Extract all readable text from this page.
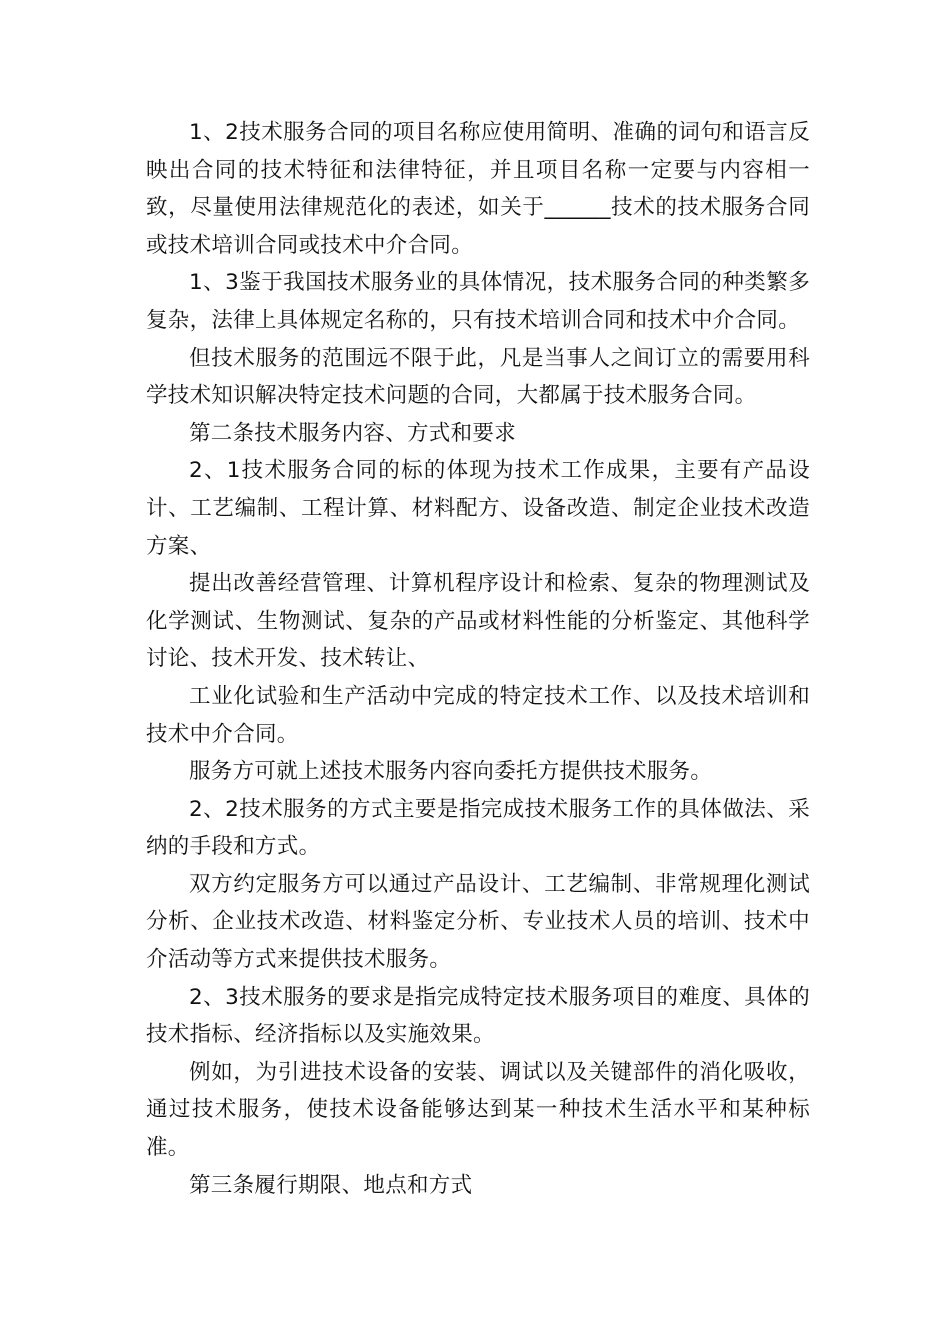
1、2技术服务合同的项目名称应使用简明、准确的词句和语言反映出合同的技术特征和法律特征，并且项目名称一定要与内容相一致，尽量使用法律规范化的表述，如关于______技术的技术服务合同或技术培训合同或技术中介合同。

1、3鉴于我国技术服务业的具体情况，技术服务合同的种类繁多复杂，法律上具体规定名称的，只有技术培训合同和技术中介合同。

但技术服务的范围远不限于此，凡是当事人之间订立的需要用科学技术知识解决特定技术问题的合同，大都属于技术服务合同。

第二条技术服务内容、方式和要求

2、1技术服务合同的标的体现为技术工作成果，主要有产品设计、工艺编制、工程计算、材料配方、设备改造、制定企业技术改造方案、

提出改善经营管理、计算机程序设计和检索、复杂的物理测试及化学测试、生物测试、复杂的产品或材料性能的分析鉴定、其他科学讨论、技术开发、技术转让、

工业化试验和生产活动中完成的特定技术工作、以及技术培训和技术中介合同。

服务方可就上述技术服务内容向委托方提供技术服务。

2、2技术服务的方式主要是指完成技术服务工作的具体做法、采纳的手段和方式。

双方约定服务方可以通过产品设计、工艺编制、非常规理化测试分析、企业技术改造、材料鉴定分析、专业技术人员的培训、技术中介活动等方式来提供技术服务。

2、3技术服务的要求是指完成特定技术服务项目的难度、具体的技术指标、经济指标以及实施效果。

例如，为引进技术设备的安装、调试以及关键部件的消化吸收，通过技术服务，使技术设备能够达到某一种技术生活水平和某种标准。

第三条履行期限、地点和方式
